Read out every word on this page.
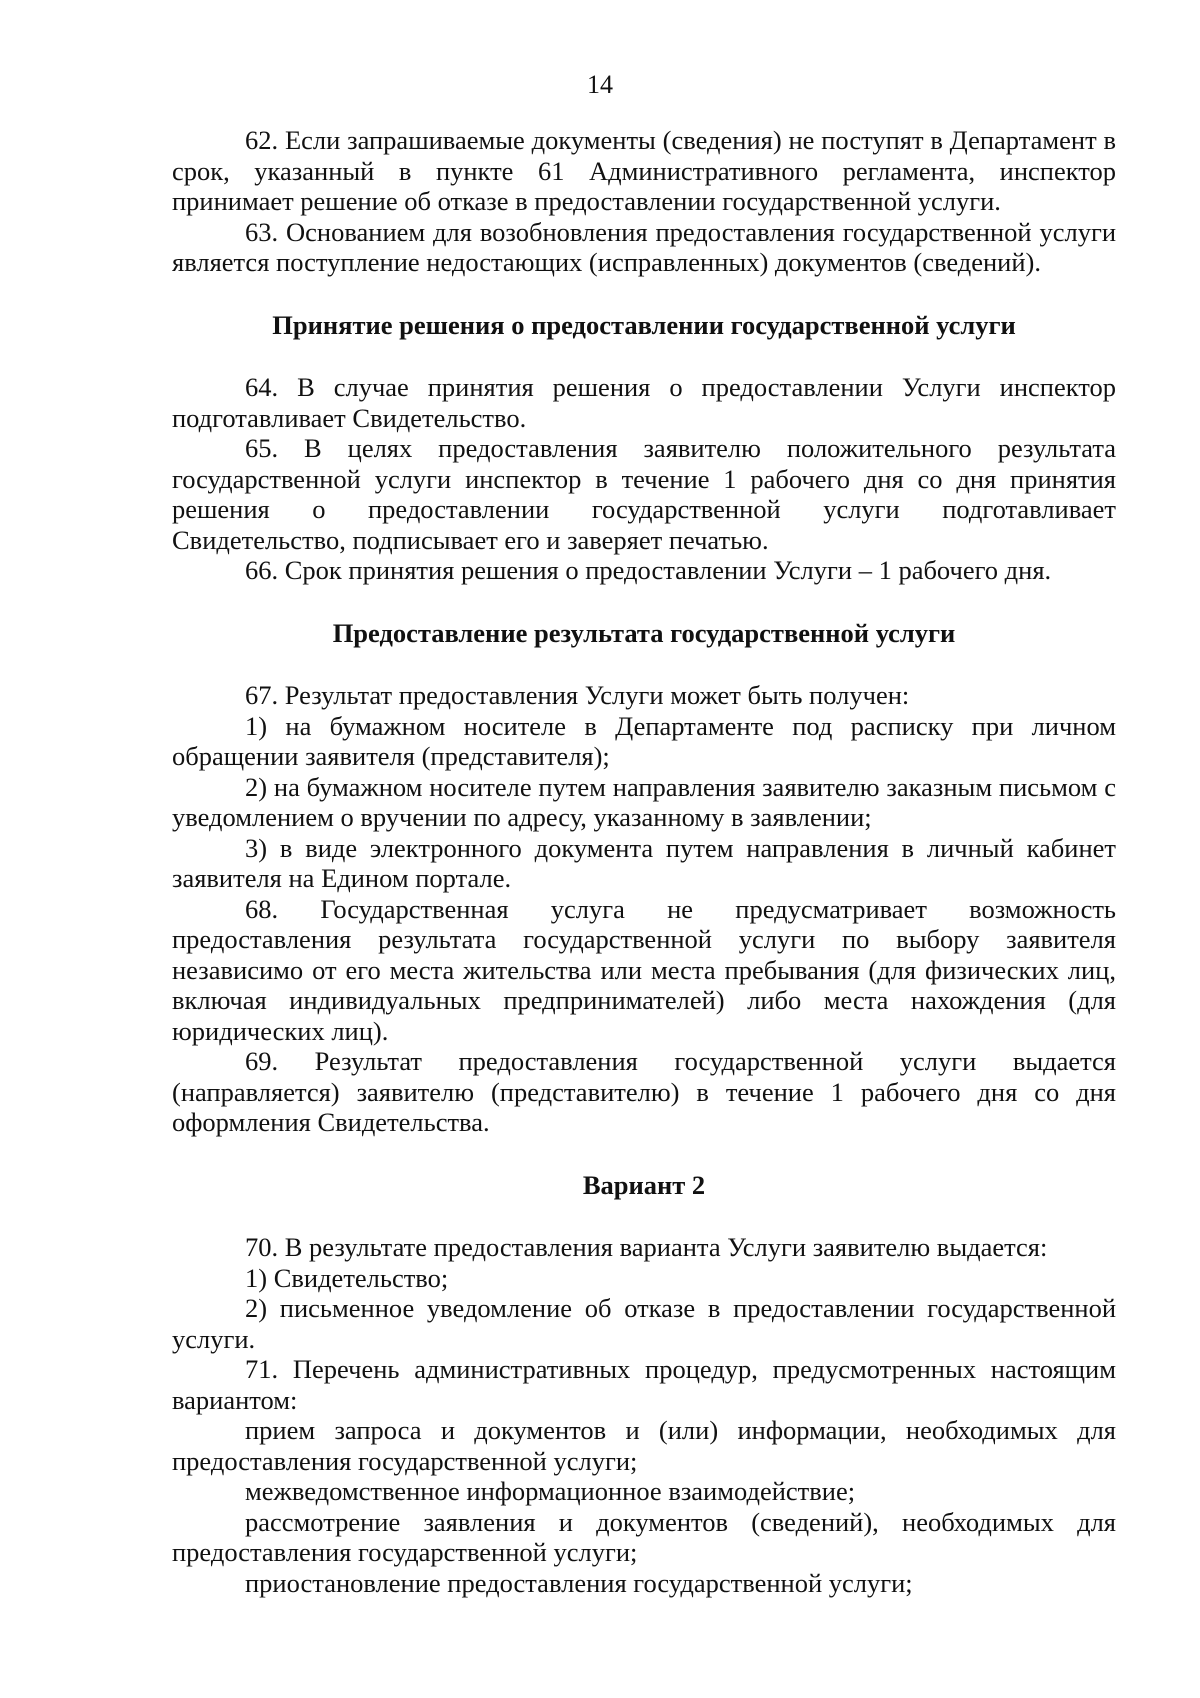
14

62. Если запрашиваемые документы (сведения) не поступят в Департамент в срок, указанный в пункте 61 Административного регламента, инспектор принимает решение об отказе в предоставлении государственной услуги.

63. Основанием для возобновления предоставления государственной услуги является поступление недостающих (исправленных) документов (сведений).

Принятие решения о предоставлении государственной услуги

64. В случае принятия решения о предоставлении Услуги инспектор подготавливает Свидетельство.

65. В целях предоставления заявителю положительного результата государственной услуги инспектор в течение 1 рабочего дня со дня принятия решения о предоставлении государственной услуги подготавливает Свидетельство, подписывает его и заверяет печатью.

66. Срок принятия решения о предоставлении Услуги – 1 рабочего дня.

Предоставление результата государственной услуги

67. Результат предоставления Услуги может быть получен:

1) на бумажном носителе в Департаменте под расписку при личном обращении заявителя (представителя);

2) на бумажном носителе путем направления заявителю заказным письмом с уведомлением о вручении по адресу, указанному в заявлении;

3) в виде электронного документа путем направления в личный кабинет заявителя на Едином портале.

68. Государственная услуга не предусматривает возможность предоставления результата государственной услуги по выбору заявителя независимо от его места жительства или места пребывания (для физических лиц, включая индивидуальных предпринимателей) либо места нахождения (для юридических лиц).

69. Результат предоставления государственной услуги выдается (направляется) заявителю (представителю) в течение 1 рабочего дня со дня оформления Свидетельства.

Вариант 2

70. В результате предоставления варианта Услуги заявителю выдается:

1) Свидетельство;

2) письменное уведомление об отказе в предоставлении государственной услуги.

71. Перечень административных процедур, предусмотренных настоящим вариантом:

прием запроса и документов и (или) информации, необходимых для предоставления государственной услуги;

межведомственное информационное взаимодействие;

рассмотрение заявления и документов (сведений), необходимых для предоставления государственной услуги;

приостановление предоставления государственной услуги;
